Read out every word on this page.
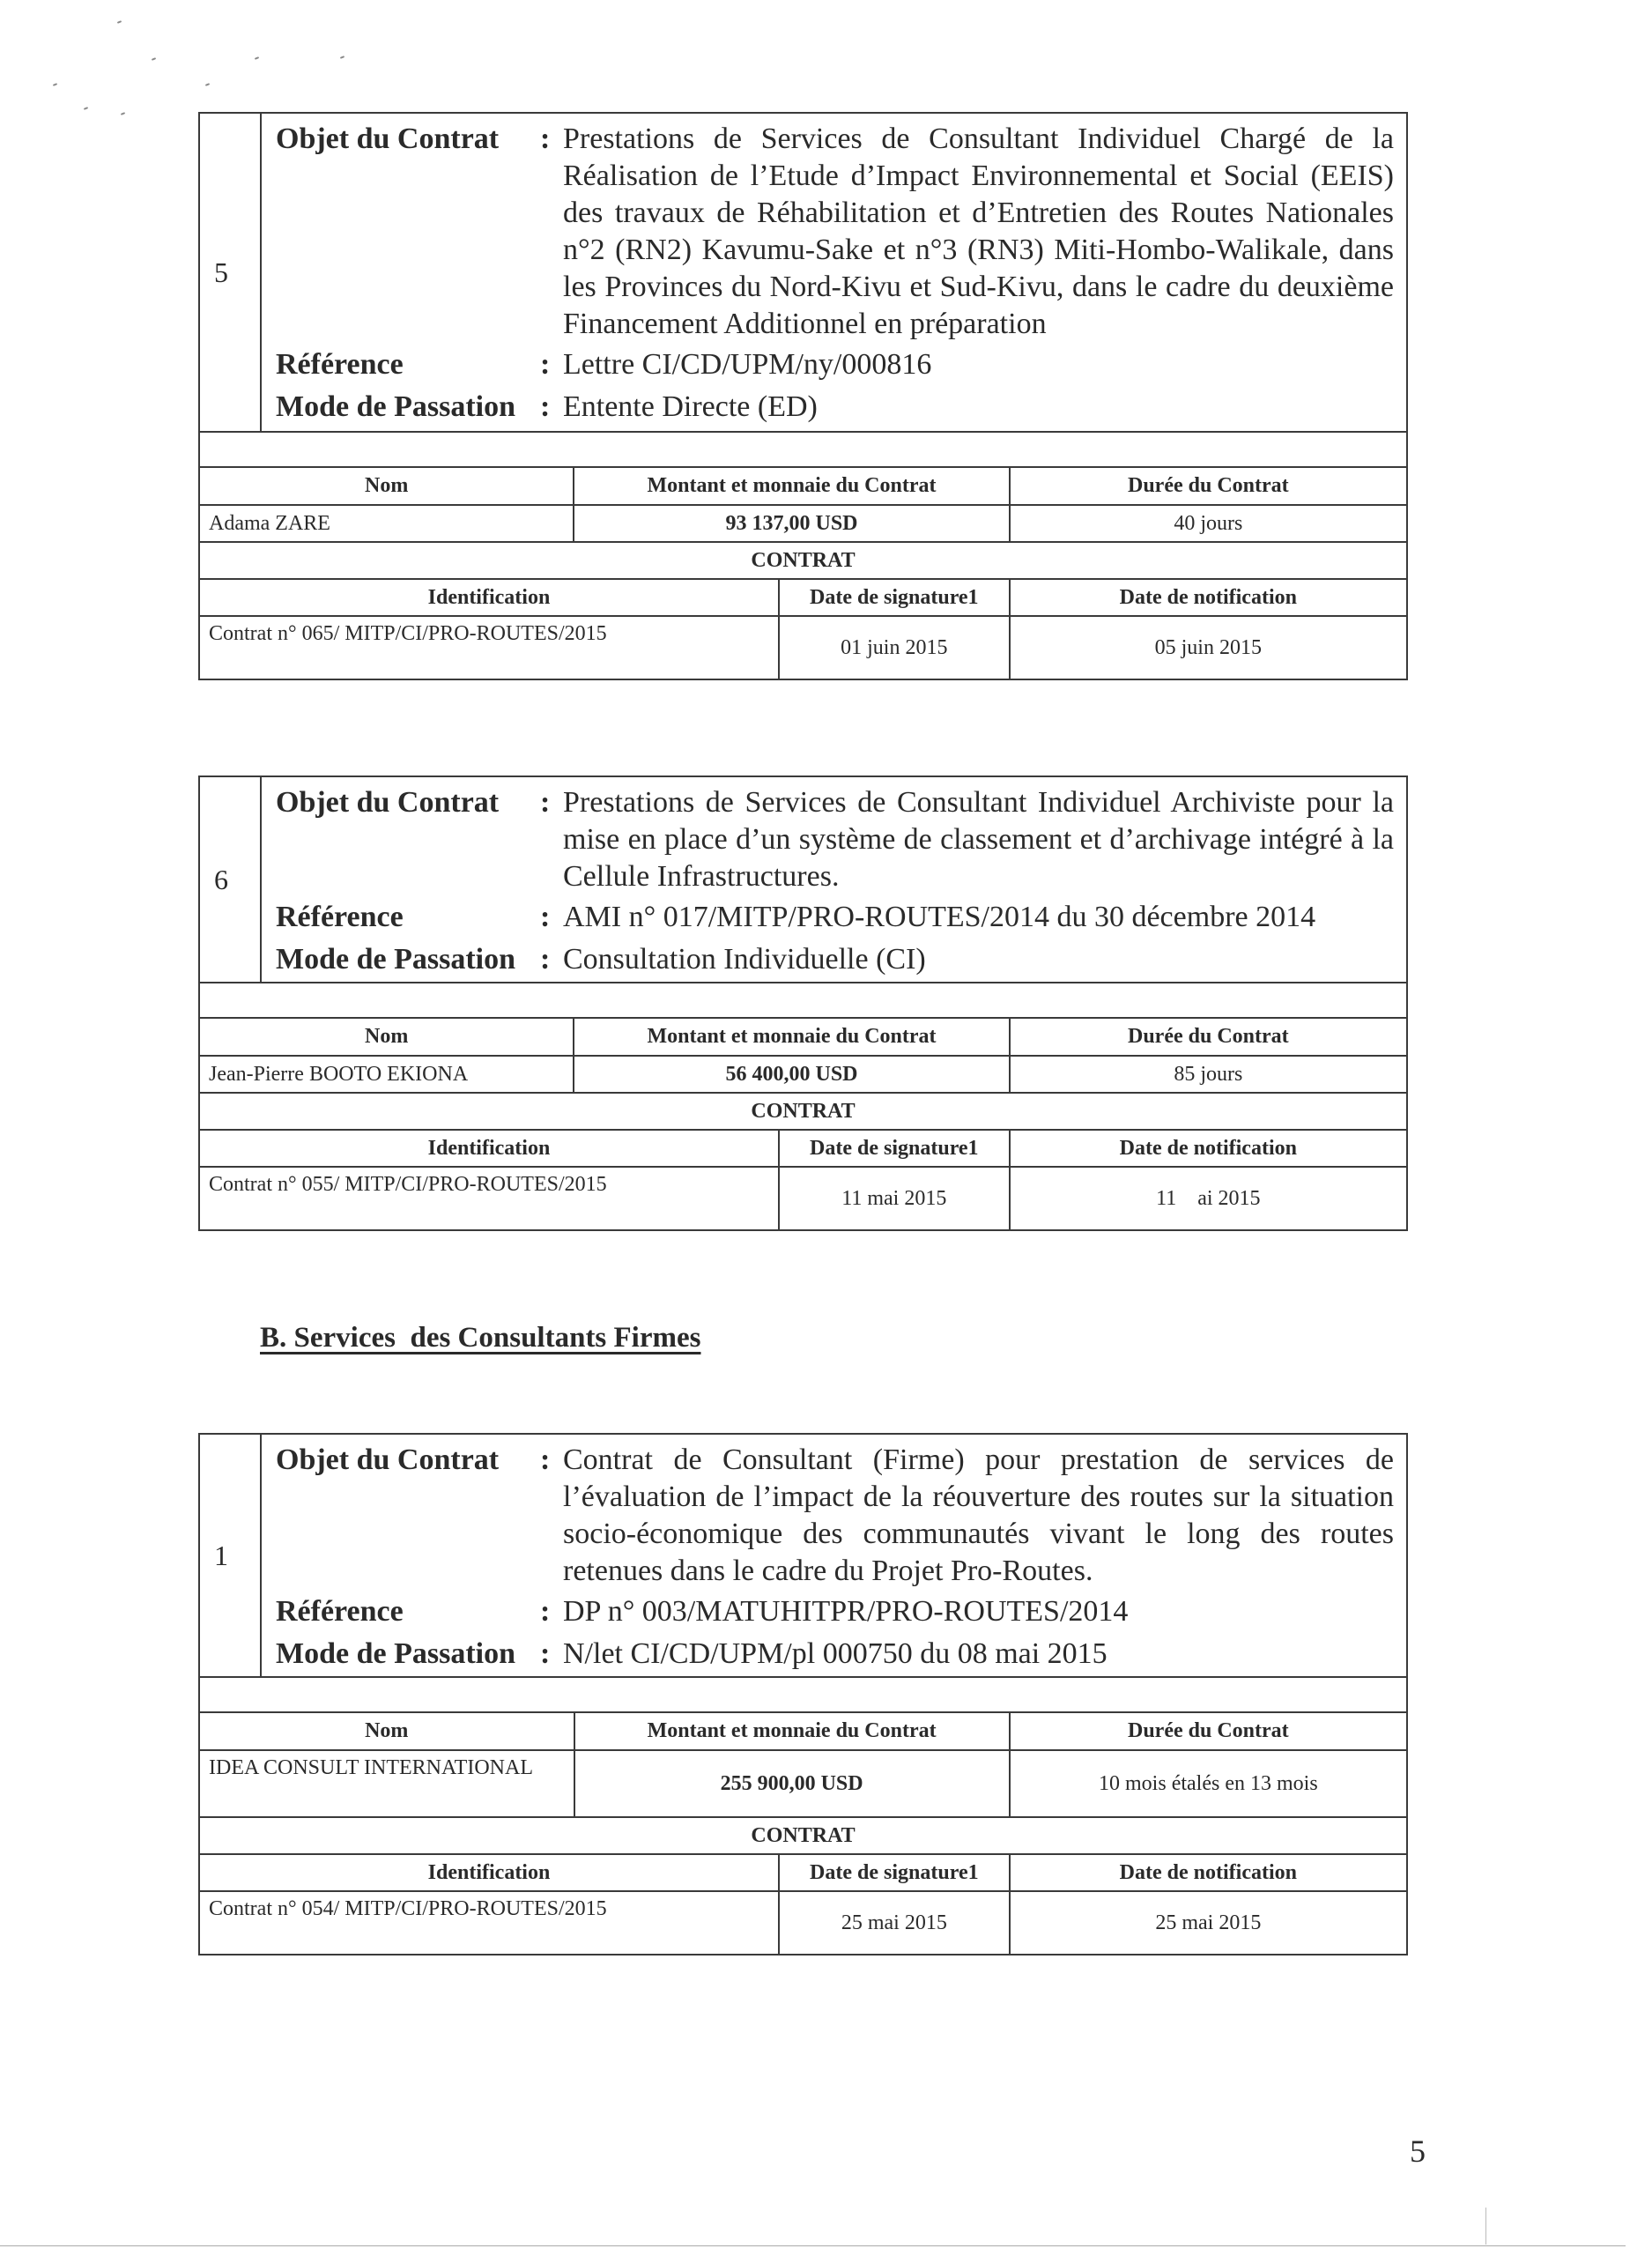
5
Objet du Contrat	: Prestations de Services de Consultant Individuel Chargé de la Réalisation de l’Etude d’Impact Environnemental et Social (EEIS) des travaux de Réhabilitation et d’Entretien des Routes Nationales n°2 (RN2) Kavumu-Sake et n°3 (RN3) Miti-Hombo-Walikale, dans les Provinces du Nord-Kivu et Sud-Kivu, dans le cadre du deuxième Financement Additionnel en préparation
Référence	: Lettre CI/CD/UPM/ny/000816
Mode de Passation : Entente Directe (ED)
Nom	Montant et monnaie du Contrat		Durée du Contrat
Adama ZARE	93 137,00 USD		40 jours
CONTRAT			
Identification		Date de signature1	Date de notification
Contrat n° 065/ MITP/CI/PRO-ROUTES/2015		01 juin 2015	05 juin 2015
6
Objet du Contrat	: Prestations de Services de Consultant Individuel Archiviste pour la mise en place d’un système de classement et d’archivage intégré à la Cellule Infrastructures.
Référence	: AMI n° 017/MITP/PRO-ROUTES/2014 du 30 décembre 2014
Mode de Passation : Consultation Individuelle (CI)
Nom	Montant et monnaie du Contrat		Durée du Contrat
Jean-Pierre BOOTO EKIONA	56 400,00 USD		85 jours
CONTRAT			
Identification		Date de signature1	Date de notification
Contrat n° 055/ MITP/CI/PRO-ROUTES/2015		11 mai 2015	11    ai 2015
B. Services  des Consultants Firmes
1
Objet du Contrat	: Contrat de Consultant (Firme) pour prestation de services de l’évaluation de l’impact de la réouverture des routes sur la situation socio-économique des communautés vivant le long des routes retenues dans le cadre du Projet Pro-Routes.
Référence	: DP n° 003/MATUHITPR/PRO-ROUTES/2014
Mode de Passation : N/let CI/CD/UPM/pl 000750 du 08 mai 2015
Nom	Montant et monnaie du Contrat		Durée du Contrat
IDEA CONSULT INTERNATIONAL	255 900,00 USD		10 mois étalés en 13 mois
CONTRAT			
Identification		Date de signature1	Date de notification
Contrat n° 054/ MITP/CI/PRO-ROUTES/2015		25 mai 2015	25 mai 2015
5
